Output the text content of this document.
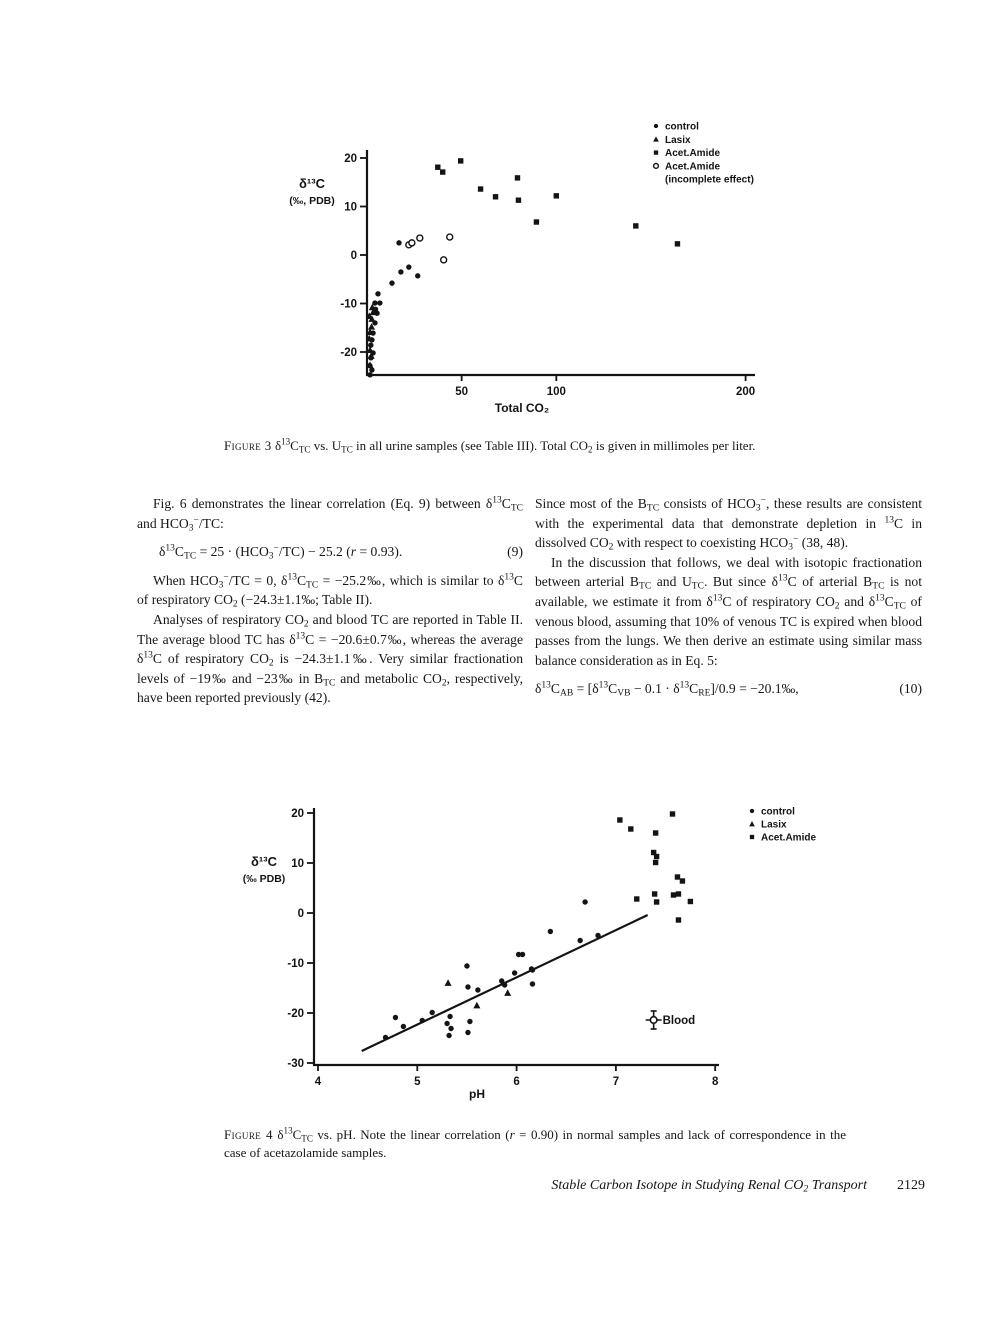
20
10
0
-10
-20
50	100	200
control
Lasix
Acet.Amide
Acet.Amide
(incomplete effect)
Total CO₂
δ¹³C
(‰, PDB)

Figure 3 $\delta^{13}CTC$ vs. UTC in all urine samples (see Table III). Total CO2 is given in millimoles per liter.

Fig. 6 demonstrates the linear correlation (Eq. 9) between $\delta^{13}CTC$ and HCO3−/TC:

$\delta^{13}CTC = 25 \cdot (HCO3^-/TC) - 25.2$ (r = 0.93).	(9)

When HCO3−/TC = 0, $\delta^{13}CTC$ = −25.2‰, which is similar to $\delta^{13}C$ of respiratory CO2 (−24.3±1.1‰; Table II).

Analyses of respiratory CO2 and blood TC are reported in Table II. The average blood TC has $\delta^{13}C$ = −20.6±0.7‰, whereas the average $\delta^{13}C$ of respiratory CO2 is −24.3±1.1‰. Very similar fractionation levels of −19‰ and −23‰ in BTC and metabolic CO2, respectively, have been reported previously (42).

Since most of the BTC consists of HCO3−, these results are consistent with the experimental data that demonstrate depletion in $^{13}$C in dissolved CO2 with respect to coexisting HCO3− (38, 48).

In the discussion that follows, we deal with isotopic fractionation between arterial BTC and UTC. But since $\delta^{13}C$ of arterial BTC is not available, we estimate it from $\delta^{13}C$ of respiratory CO2 and $\delta^{13}CTC$ of venous blood, assuming that 10% of venous TC is expired when blood passes from the lungs. We then derive an estimate using similar mass balance consideration as in Eq. 5:

$\delta^{13}CAB = [\delta^{13}CVB - 0.1 \cdot \delta^{13}CRE]/0.9$ = −20.1‰,	(10)
20
10
0
-10
-20
-30
4	5	6	7	8
Blood
control
Lasix
Acet.Amide
pH
δ¹³C
(‰ PDB)

Figure 4 $\delta^{13}CTC$ vs. pH. Note the linear correlation (r = 0.90) in normal samples and lack of correspondence in the case of acetazolamide samples.

Stable Carbon Isotope in Studying Renal CO2 Transport 2129
